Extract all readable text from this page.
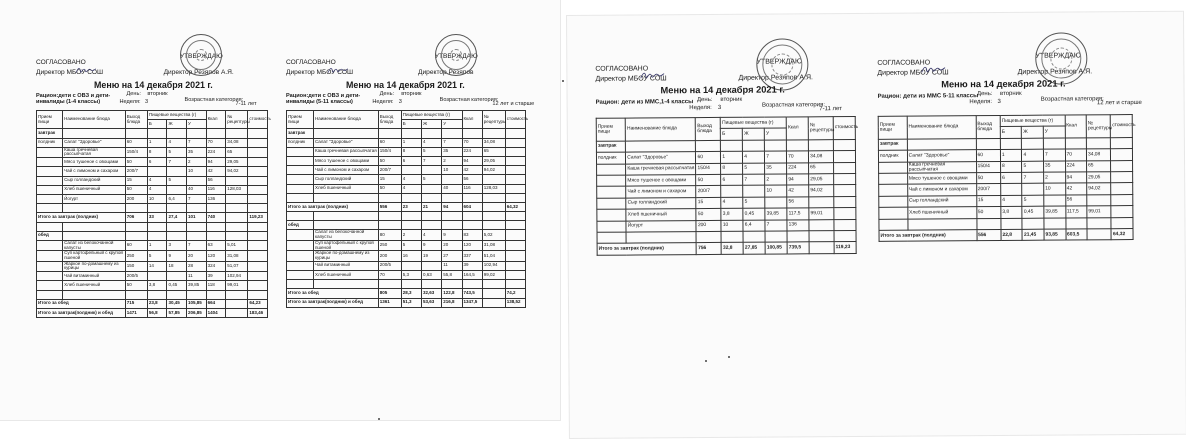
СОГЛАСОВАНО
УТВЕРЖДАЮ
Директор МБОУ СОШ	Директор Резяпов А.Я.
Меню на 14 декабря 2021 г.
Рацион:дети с ОВЗ и дети-инвалиды (1-4 классы)
День: вторник
Неделя: 3	Возрастная категория:
7-11 лет
Прием пищи	Наименование блюда	Выход блюда	Пищевые вещества (г)			Ккал	№ рецептуры	стоимость
			Б	Ж	У			
завтрак								
полдник	Салат "Здоровье"	60	1	4	7	70	34,08	
	Каша гречневая рассыпчатая	150/4	8	5	35	224	65	
	Мясо тушеное с овощами	50	6	7	2	94	29,05	
	Чай с лимоном и сахаром	200/7			10	42	94,02	
	Сыр голландский	15	4	5		56		
	Хлеб пшеничный	50	4		40	116	128,03	
	Йогурт	200	10	6,4	7	136		

Итого за завтрак (полдник)		706	33	27,4	101	740		119,23

обед								
	Салат из белокочанной капусты	60	1	3	7	63	5,01	
	Суп картофельный с крупой пшеной	250	5	9	20	120	31,08	
	Жаркое по-домашнему из курицы	150	14	18	28	324	51,07	
	Чай витаминный	200/5			11	39	102,94	
	Хлеб пшеничный	50	3,8	0,45	39,85	118	99,01	

Итого за обед		715	23,8	30,45	105,85	664		64,23
Итого за завтрак(полдник) и обед		1471	56,8	57,85	206,85	1404		183,46
СОГЛАСОВАНО
УТВЕРЖДАЮ
Директор МБОУ СОШ	Директор Резяпов
Меню на 14 декабря 2021 г.
Рацион:дети с ОВЗ и дети-инвалиды (5-11 классы)
День: вторник
Неделя: 3	Возрастная категория:
12 лет и старше
Прием пищи	Наименование блюда	Выход блюда	Пищевые вещества (г)			Ккал	№ рецептуры	стоимость
			Б	Ж	У			
завтрак								
полдник	Салат "Здоровье"	60	1	4	7	70	34,08	
	Каша гречневая рассыпчатая	150/4	8	5	35	224	65	
	Мясо тушеное с овощами	50	6	7	2	94	29,05	
	Чай с лимоном и сахаром	200/7			10	42	94,02	
	Сыр голландский	15	4	5		56		
	Хлеб пшеничный	50	4		40	116	128,03	

Итого за завтрак (полдник)		556	23	21	94	604		64,32

обед								
	Салат из белокочанной капусты	80	2	4	9	83	5,02	
	Суп картофельный с крупой пшеной	250	5	9	20	120	31,08	
	Жаркое по-домашнему из курицы	200	16	19	27	337	51,04	
	Чай витаминный	200/5			11	39	102,94	
	Хлеб пшеничный	70	5,3	0,63	55,8	164,5	99,02	

Итого за обед		805	28,3	32,63	122,8	743,5		74,2
Итого за завтрак(полдник) и обед		1361	51,3	53,63	216,8	1347,5		138,52
СОГЛАСОВАНО
УТВЕРЖДАЮ
Директор МБОУ СОШ	Директор Резяпов А.Я.
Меню на 14 декабря 2021 г.
Рацион: дети из ММС,1-4 классы День: вторник
Неделя: 3	Возрастная категория:
7-11 лет
Прием пищи	Наименование блюда	Выход блюда	Пищевые вещества (г)			Ккал	№ рецептуры	стоимость
			Б	Ж	У			
завтрак								
полдник	Салат "Здоровье"	60	1	4	7	70	34,08	
	Каша гречневая рассыпчатая	150/4	8	5	35	224	65	
	Мясо тушеное с овощами	50	6	7	2	94	29,05	
	Чай с лимоном и сахаром	200/7			10	42	94,02	
	Сыр голландский	15	4	5		56		
	Хлеб пшеничный	50	3,8	0,45	39,85	117,5	99,01	
	Йогурт	200	10	6,4	7	136		

Итого за завтрак (полдник)		756	32,8	27,85	100,85	739,5		119,23
СОГЛАСОВАНО
УТВЕРЖДАЮ
Директор МБОУ СОШ	Директор Резяпов А.Я.
Меню на 14 декабря 2021 г.
Рацион: дети из МMC 5-11 классы
День: вторник
Неделя: 3	Возрастная категория:
12 лет и старше
Прием пищи	Наименование блюда	Выход блюда	Пищевые вещества (г)			Ккал	№ рецептуры	стоимость
			Б	Ж	У			
завтрак								
полдник	Салат "Здоровье"	60	1	4	7	70	34,08	
	Каша гречневая рассыпчатая	150/4	8	5	35	224	65	
	Мясо тушеное с овощами	50	6	7	2	94	29,05	
	Чай с лимоном и сахаром	200/7			10	42	94,02	
	Сыр голландский	15	4	5		56		
	Хлеб пшеничный	50	3,8	0,45	39,85	117,5	99,01	

Итого за завтрак (полдник)		556	22,8	21,45	93,85	603,5		64,32
